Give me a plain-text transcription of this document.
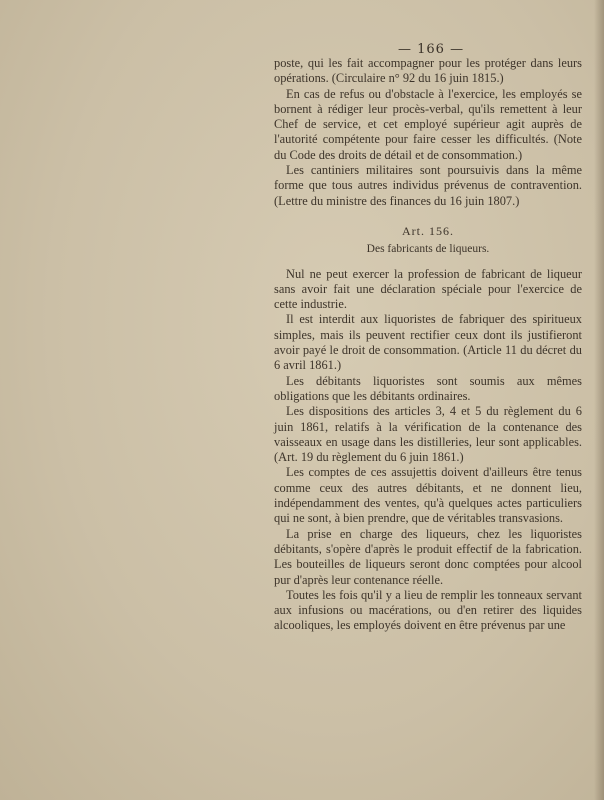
— 166 —

poste, qui les fait accompagner pour les protéger dans leurs opérations. (Circulaire n° 92 du 16 juin 1815.)

En cas de refus ou d'obstacle à l'exercice, les employés se bornent à rédiger leur procès-verbal, qu'ils remettent à leur Chef de service, et cet employé supérieur agit auprès de l'autorité compétente pour faire cesser les difficultés. (Note du Code des droits de détail et de consommation.)

Les cantiniers militaires sont poursuivis dans la même forme que tous autres individus prévenus de contravention. (Lettre du ministre des finances du 16 juin 1807.)

Art. 156.
Des fabricants de liqueurs.

Nul ne peut exercer la profession de fabricant de liqueur sans avoir fait une déclaration spéciale pour l'exercice de cette industrie.

Il est interdit aux liquoristes de fabriquer des spiritueux simples, mais ils peuvent rectifier ceux dont ils justifieront avoir payé le droit de consommation. (Article 11 du décret du 6 avril 1861.)

Les débitants liquoristes sont soumis aux mêmes obligations que les débitants ordinaires.

Les dispositions des articles 3, 4 et 5 du règlement du 6 juin 1861, relatifs à la vérification de la contenance des vaisseaux en usage dans les distilleries, leur sont applicables. (Art. 19 du règlement du 6 juin 1861.)

Les comptes de ces assujettis doivent d'ailleurs être tenus comme ceux des autres débitants, et ne donnent lieu, indépendamment des ventes, qu'à quelques actes particuliers qui ne sont, à bien prendre, que de véritables transvasions.

La prise en charge des liqueurs, chez les liquoristes débitants, s'opère d'après le produit effectif de la fabrication. Les bouteilles de liqueurs seront donc comptées pour alcool pur d'après leur contenance réelle.

Toutes les fois qu'il y a lieu de remplir les tonneaux servant aux infusions ou macérations, ou d'en retirer des liquides alcooliques, les employés doivent en être prévenus par une
